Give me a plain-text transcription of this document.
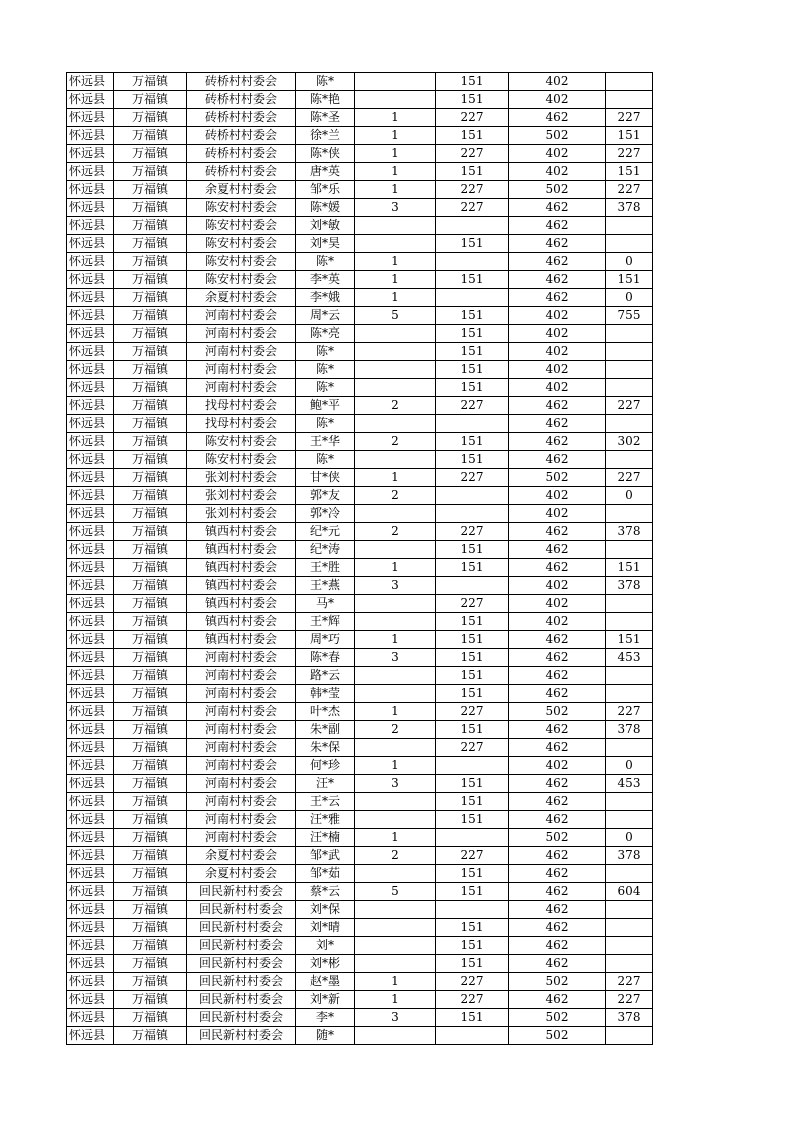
怀远县	万福镇	砖桥村村委会	陈*		151	402	
怀远县	万福镇	砖桥村村委会	陈*艳		151	402	
怀远县	万福镇	砖桥村村委会	陈*圣	1	227	462	227
怀远县	万福镇	砖桥村村委会	徐*兰	1	151	502	151
怀远县	万福镇	砖桥村村委会	陈*侠	1	227	402	227
怀远县	万福镇	砖桥村村委会	唐*英	1	151	402	151
怀远县	万福镇	余夏村村委会	邹*乐	1	227	502	227
怀远县	万福镇	陈安村村委会	陈*媛	3	227	462	378
怀远县	万福镇	陈安村村委会	刘*敏			462	
怀远县	万福镇	陈安村村委会	刘*昊		151	462	
怀远县	万福镇	陈安村村委会	陈*	1		462	0
怀远县	万福镇	陈安村村委会	李*英	1	151	462	151
怀远县	万福镇	余夏村村委会	李*娥	1		462	0
怀远县	万福镇	河南村村委会	周*云	5	151	402	755
怀远县	万福镇	河南村村委会	陈*亮		151	402	
怀远县	万福镇	河南村村委会	陈*		151	402	
怀远县	万福镇	河南村村委会	陈*		151	402	
怀远县	万福镇	河南村村委会	陈*		151	402	
怀远县	万福镇	找母村村委会	鲍*平	2	227	462	227
怀远县	万福镇	找母村村委会	陈*			462	
怀远县	万福镇	陈安村村委会	王*华	2	151	462	302
怀远县	万福镇	陈安村村委会	陈*		151	462	
怀远县	万福镇	张刘村村委会	甘*侠	1	227	502	227
怀远县	万福镇	张刘村村委会	郭*友	2		402	0
怀远县	万福镇	张刘村村委会	郭*冷			402	
怀远县	万福镇	镇西村村委会	纪*元	2	227	462	378
怀远县	万福镇	镇西村村委会	纪*涛		151	462	
怀远县	万福镇	镇西村村委会	王*胜	1	151	462	151
怀远县	万福镇	镇西村村委会	王*燕	3		402	378
怀远县	万福镇	镇西村村委会	马*		227	402	
怀远县	万福镇	镇西村村委会	王*辉		151	402	
怀远县	万福镇	镇西村村委会	周*巧	1	151	462	151
怀远县	万福镇	河南村村委会	陈*春	3	151	462	453
怀远县	万福镇	河南村村委会	路*云		151	462	
怀远县	万福镇	河南村村委会	韩*莹		151	462	
怀远县	万福镇	河南村村委会	叶*杰	1	227	502	227
怀远县	万福镇	河南村村委会	朱*副	2	151	462	378
怀远县	万福镇	河南村村委会	朱*保		227	462	
怀远县	万福镇	河南村村委会	何*珍	1		402	0
怀远县	万福镇	河南村村委会	汪*	3	151	462	453
怀远县	万福镇	河南村村委会	王*云		151	462	
怀远县	万福镇	河南村村委会	汪*雅		151	462	
怀远县	万福镇	河南村村委会	汪*楠	1		502	0
怀远县	万福镇	余夏村村委会	邹*武	2	227	462	378
怀远县	万福镇	余夏村村委会	邹*茹		151	462	
怀远县	万福镇	回民新村村委会	蔡*云	5	151	462	604
怀远县	万福镇	回民新村村委会	刘*保			462	
怀远县	万福镇	回民新村村委会	刘*晴		151	462	
怀远县	万福镇	回民新村村委会	刘*		151	462	
怀远县	万福镇	回民新村村委会	刘*彬		151	462	
怀远县	万福镇	回民新村村委会	赵*墨	1	227	502	227
怀远县	万福镇	回民新村村委会	刘*新	1	227	462	227
怀远县	万福镇	回民新村村委会	李*	3	151	502	378
怀远县	万福镇	回民新村村委会	随*			502	
